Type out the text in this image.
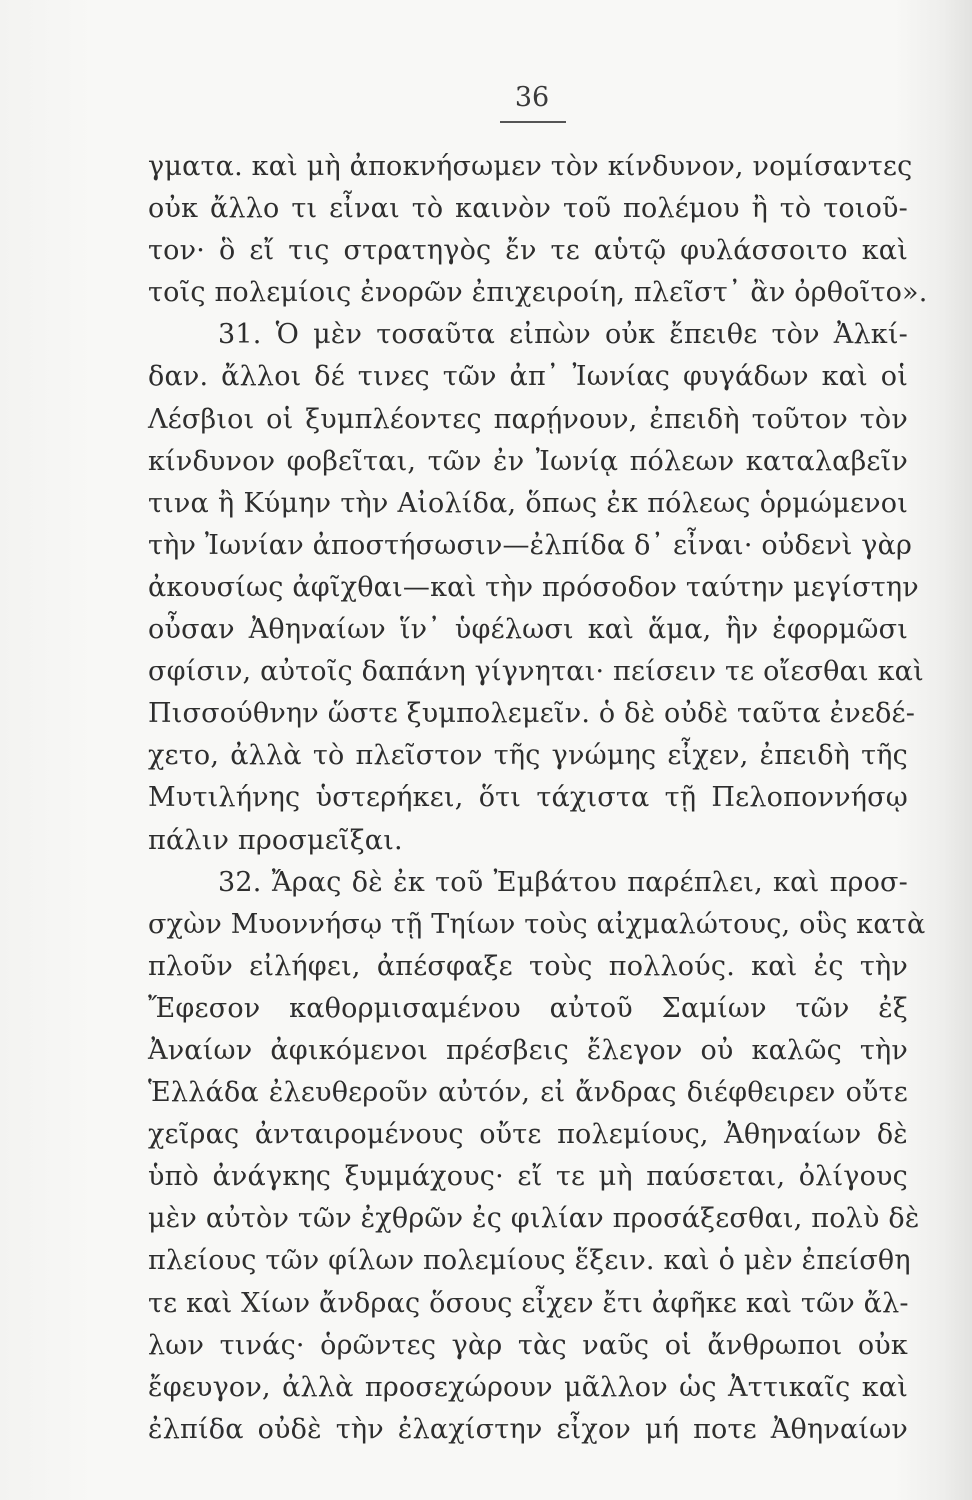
36
γματα. καὶ μὴ ἀποκνήσωμεν τὸν κίνδυνον, νομίσαντες
οὐκ ἄλλο τι εἶναι τὸ καινὸν τοῦ πολέμου ἢ τὸ τοιοῦ-
τον· ὃ εἴ τις στρατηγὸς ἔν τε αὑτῷ φυλάσσοιτο καὶ
τοῖς πολεμίοις ἐνορῶν ἐπιχειροίη, πλεῖστ᾿ ἂν ὀρθοῖτο».
31. Ὁ μὲν τοσαῦτα εἰπὼν οὐκ ἔπειθε τὸν Ἀλκί-
δαν. ἄλλοι δέ τινες τῶν ἀπ᾿ Ἰωνίας φυγάδων καὶ οἱ
Λέσβιοι οἱ ξυμπλέοντες παρῄνουν, ἐπειδὴ τοῦτον τὸν
κίνδυνον φοβεῖται, τῶν ἐν Ἰωνίᾳ πόλεων καταλαβεῖν
τινα ἢ Κύμην τὴν Αἰολίδα, ὅπως ἐκ πόλεως ὁρμώμενοι
τὴν Ἰωνίαν ἀποστήσωσιν—ἐλπίδα δ᾿ εἶναι· οὐδενὶ γὰρ
ἀκουσίως ἀφῖχθαι—καὶ τὴν πρόσοδον ταύτην μεγίστην
οὖσαν Ἀθηναίων ἵν᾿ ὑφέλωσι καὶ ἅμα, ἢν ἐφορμῶσι
σφίσιν, αὐτοῖς δαπάνη γίγνηται· πείσειν τε οἴεσθαι καὶ
Πισσούθνην ὥστε ξυμπολεμεῖν. ὁ δὲ οὐδὲ ταῦτα ἐνεδέ-
χετο, ἀλλὰ τὸ πλεῖστον τῆς γνώμης εἶχεν, ἐπειδὴ τῆς
Μυτιλήνης ὑστερήκει, ὅτι τάχιστα τῇ Πελοποννήσῳ
πάλιν προσμεῖξαι.
32. Ἄρας δὲ ἐκ τοῦ Ἐμβάτου παρέπλει, καὶ προσ-
σχὼν Μυοννήσῳ τῇ Τηίων τοὺς αἰχμαλώτους, οὓς κατὰ
πλοῦν εἰλήφει, ἀπέσφαξε τοὺς πολλούς. καὶ ἐς τὴν
Ἔφεσον καθορμισαμένου αὐτοῦ Σαμίων τῶν ἐξ
Ἀναίων ἀφικόμενοι πρέσβεις ἔλεγον οὐ καλῶς τὴν
Ἑλλάδα ἐλευθεροῦν αὐτόν, εἰ ἄνδρας διέφθειρεν οὔτε
χεῖρας ἀνταιρομένους οὔτε πολεμίους, Ἀθηναίων δὲ
ὑπὸ ἀνάγκης ξυμμάχους· εἴ τε μὴ παύσεται, ὀλίγους
μὲν αὐτὸν τῶν ἐχθρῶν ἐς φιλίαν προσάξεσθαι, πολὺ δὲ
πλείους τῶν φίλων πολεμίους ἕξειν. καὶ ὁ μὲν ἐπείσθη
τε καὶ Χίων ἄνδρας ὅσους εἶχεν ἔτι ἀφῆκε καὶ τῶν ἄλ-
λων τινάς· ὁρῶντες γὰρ τὰς ναῦς οἱ ἄνθρωποι οὐκ
ἔφευγον, ἀλλὰ προσεχώρουν μᾶλλον ὡς Ἀττικαῖς καὶ
ἐλπίδα οὐδὲ τὴν ἐλαχίστην εἶχον μή ποτε Ἀθηναίων
